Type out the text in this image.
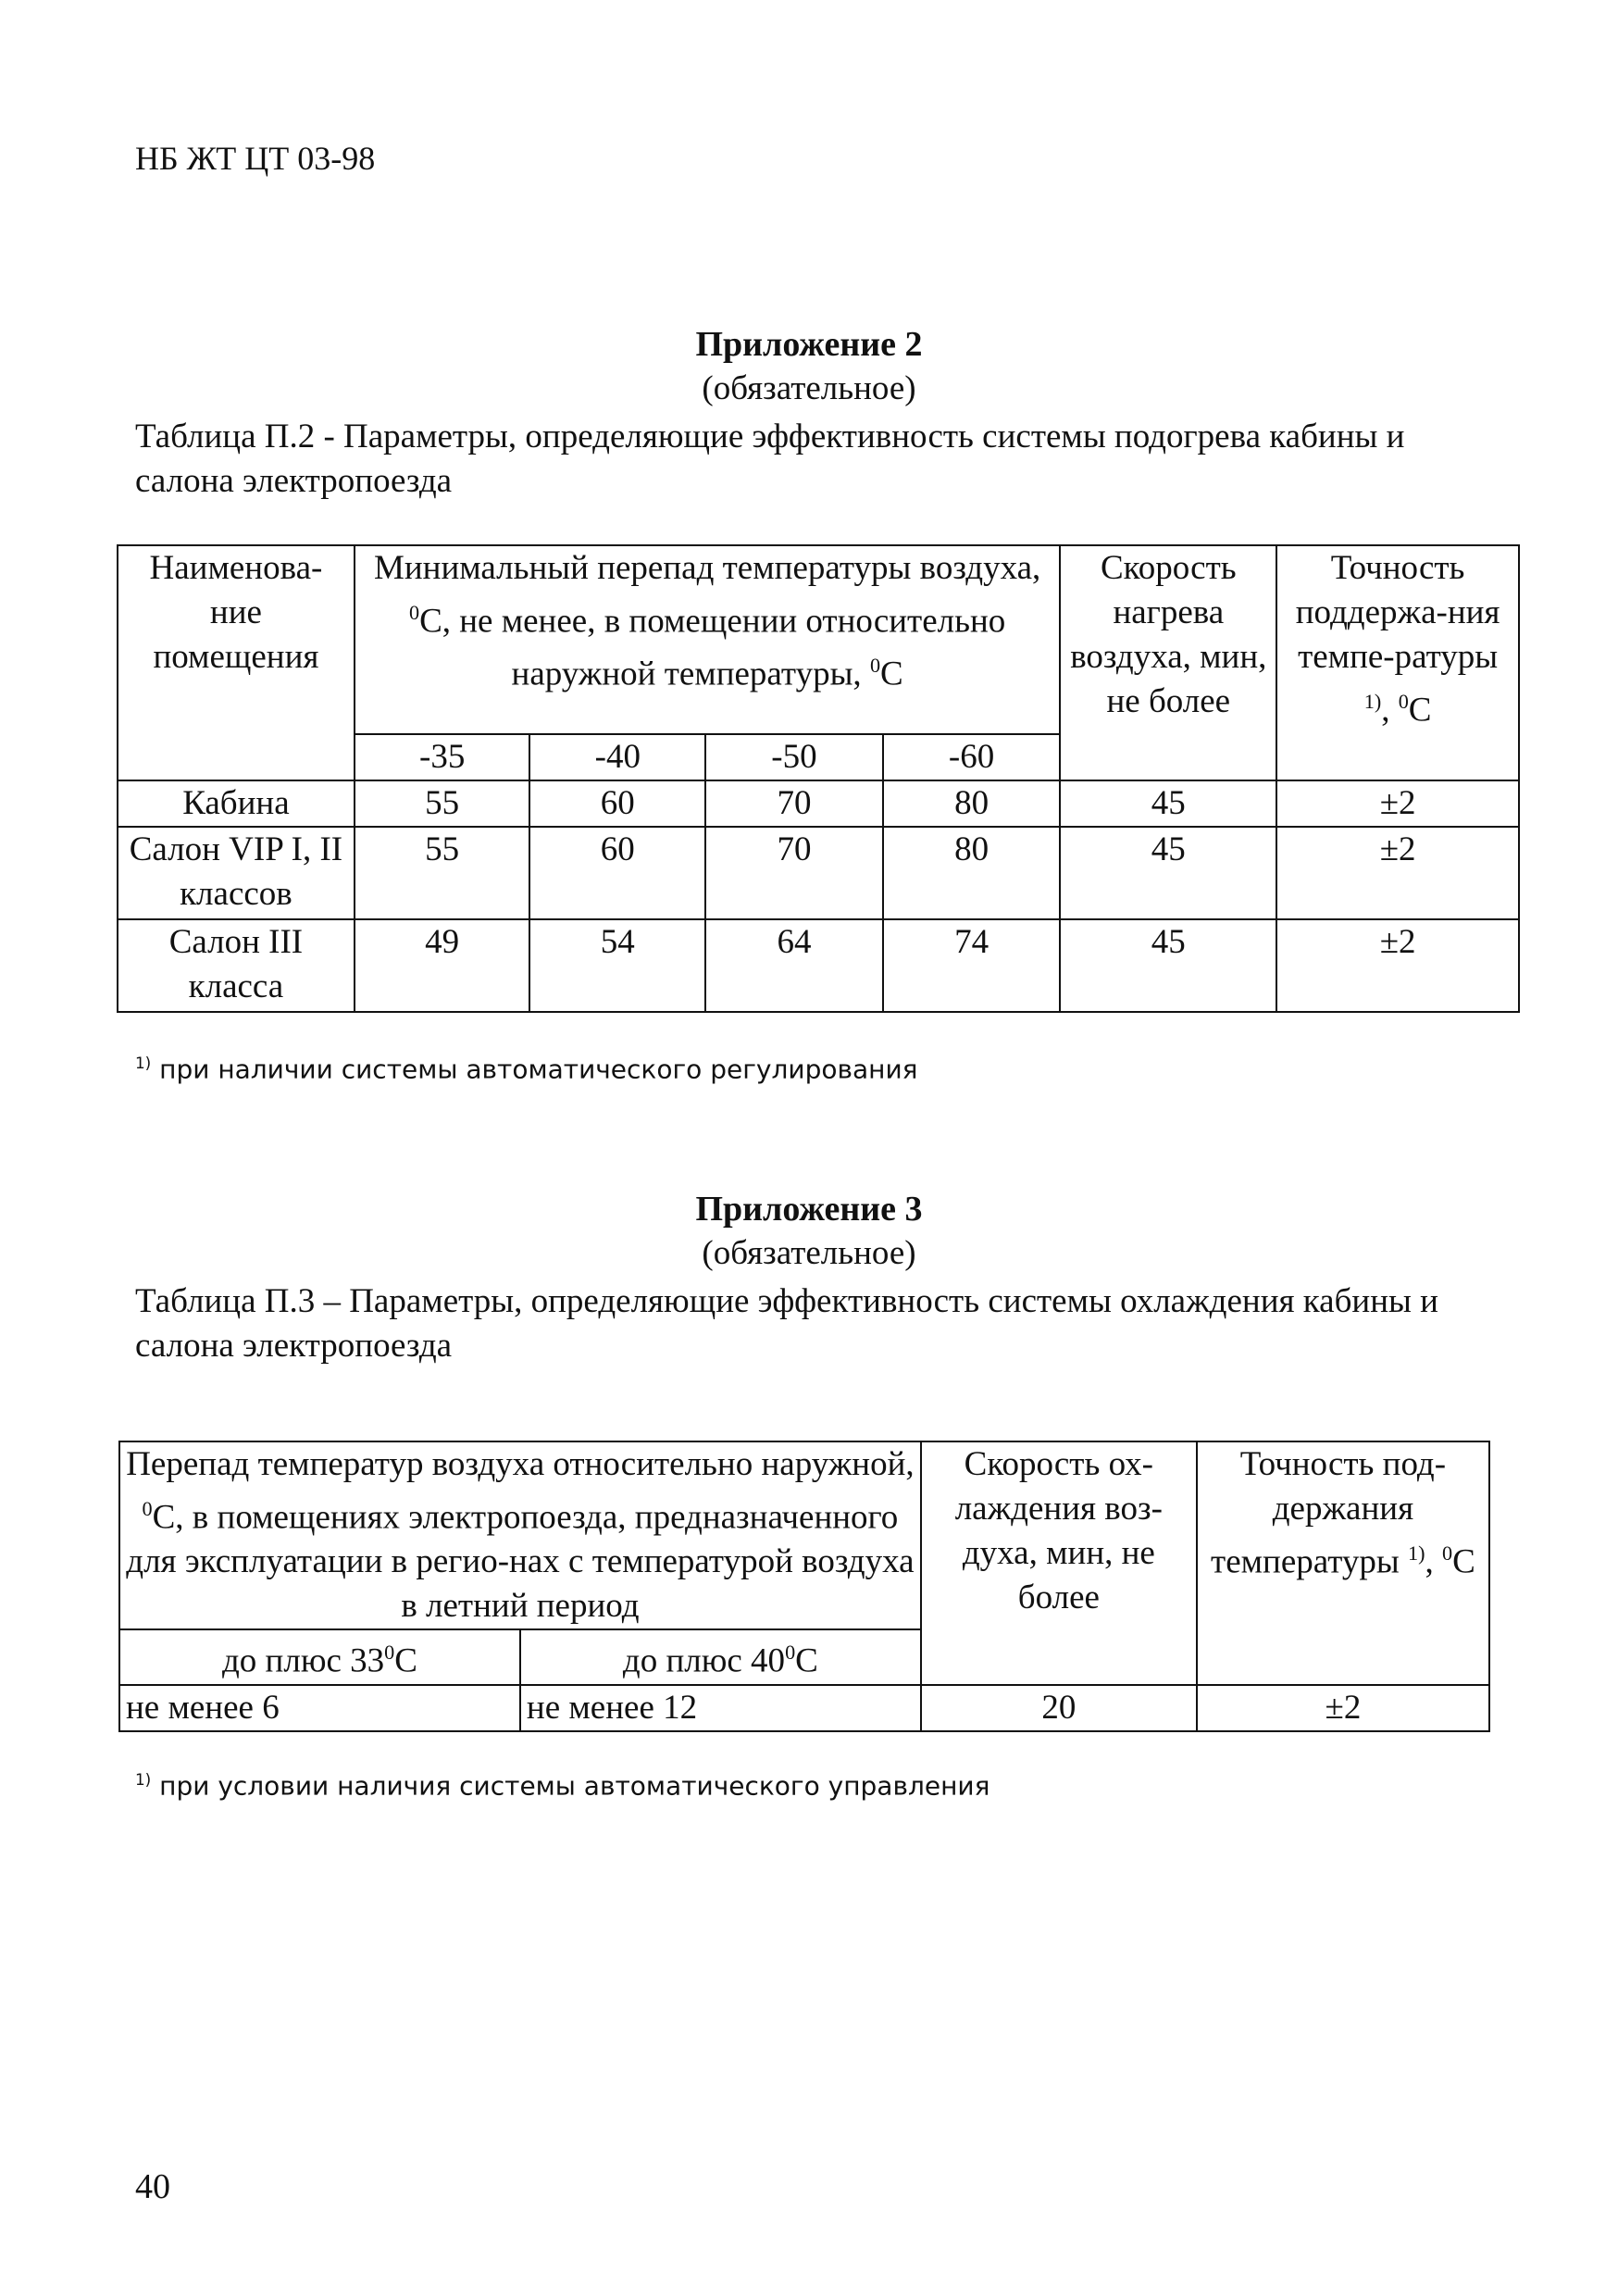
НБ ЖТ ЦТ 03-98
Приложение 2
(обязательное)
Таблица П.2 - Параметры, определяющие эффективность системы подогрева кабины и салона электропоезда
Наименова-ние помещения	Минимальный перепад температуры воздуха, $^0$С, не менее, в помещении относительно наружной температуры, $^0$С				Скорость нагрева воздуха, мин, не более	Точность поддержа-ния темпе-ратуры $^{1)}$, $^0$С
	-35	-40	-50	-60		
Кабина	55	60	70	80	45	±2
Салон VIP I, II классов	55	60	70	80	45	±2
Салон III класса	49	54	64	74	45	±2
$^{1)}$ при наличии системы автоматического регулирования
Приложение 3
(обязательное)
Таблица П.3 – Параметры, определяющие эффективность системы охлаждения кабины и салона электропоезда
Перепад температур воздуха относительно наружной, $^0$С, в помещениях электропоезда, предназначенного для эксплуатации в регио-нах с температурой воздуха в летний период		Скорость ох-лаждения воз-духа, мин, не более	Точность под-держания температуры $^{1)}$, $^0$С
до плюс $33^0С$	до плюс $40^0С$		
не менее 6	не менее 12	20	±2
$^{1)}$ при условии наличия системы автоматического управления
40
